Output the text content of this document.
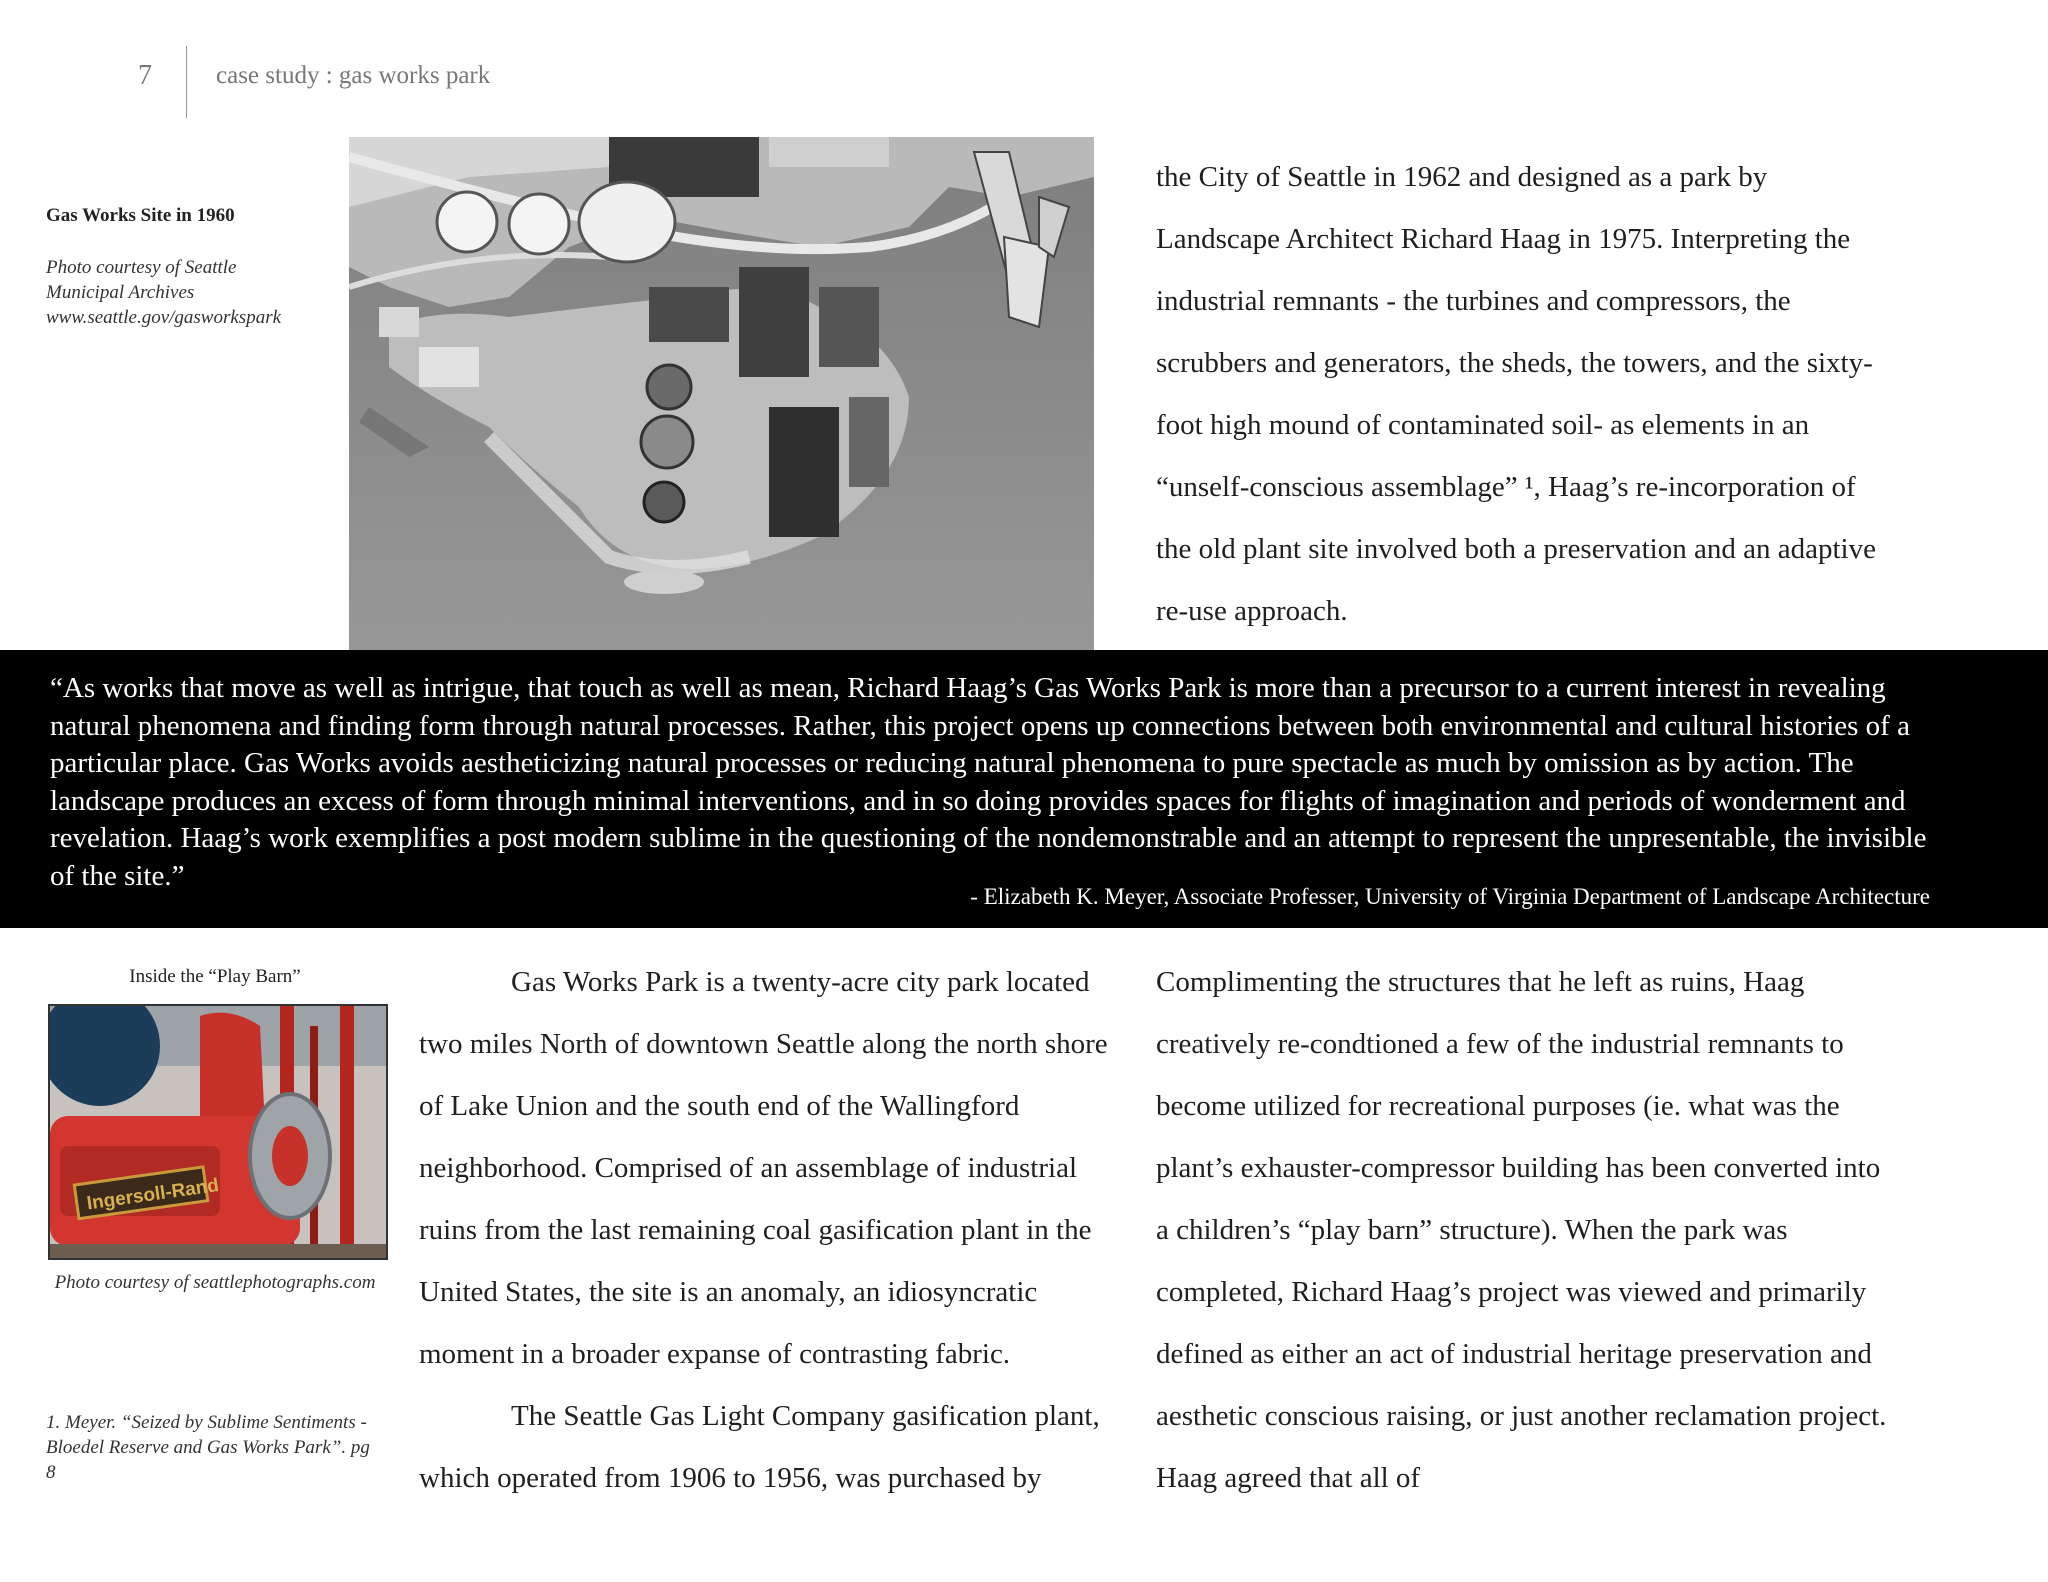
7	case study : gas works park
Gas Works Site in 1960
Photo courtesy of Seattle Municipal Archives www.seattle.gov/gasworkspark

the City of Seattle in 1962 and designed as a park by Landscape Architect Richard Haag in 1975. Interpreting the industrial remnants - the turbines and compressors, the scrubbers and generators, the sheds, the towers, and the sixty-foot high mound of contaminated soil- as elements in an “unself-conscious assemblage” ¹, Haag’s re-incorporation of the old plant site involved both a preservation and an adaptive re-use approach.

“As works that move as well as intrigue, that touch as well as mean, Richard Haag’s Gas Works Park is more than a precursor to a current interest in revealing natural phenomena and finding form through natural processes. Rather, this project opens up connections between both environmental and cultural histories of a particular place. Gas Works avoids aestheticizing natural processes or reducing natural phenomena to pure spectacle as much by omission as by action. The landscape produces an excess of form through minimal interventions, and in so doing provides spaces for flights of imagination and periods of wonderment and revelation. Haag’s work exemplifies a post modern sublime in the questioning of the nondemonstrable and an attempt to represent the unpresentable, the invisible of the site.”
- Elizabeth K. Meyer, Associate Professer, University of Virginia Department of Landscape Architecture
Inside the “Play Barn”
Ingersoll-Rand
Photo courtesy of seattlephotographs.com
1. Meyer. “Seized by Sublime Sentiments - Bloedel Reserve and Gas Works Park”. pg 8

Gas Works Park is a twenty-acre city park located two miles North of downtown Seattle along the north shore of Lake Union and the south end of the Wallingford neighborhood. Comprised of an assemblage of industrial ruins from the last remaining coal gasification plant in the United States, the site is an anomaly, an idiosyncratic moment in a broader expanse of contrasting fabric.

The Seattle Gas Light Company gasification plant, which operated from 1906 to 1956, was purchased by

Complimenting the structures that he left as ruins, Haag creatively re-condtioned a few of the industrial remnants to become utilized for recreational purposes (ie. what was the plant’s exhauster-compressor building has been converted into a children’s “play barn” structure). When the park was completed, Richard Haag’s project was viewed and primarily defined as either an act of industrial heritage preservation and aesthetic conscious raising, or just another reclamation project. Haag agreed that all of
